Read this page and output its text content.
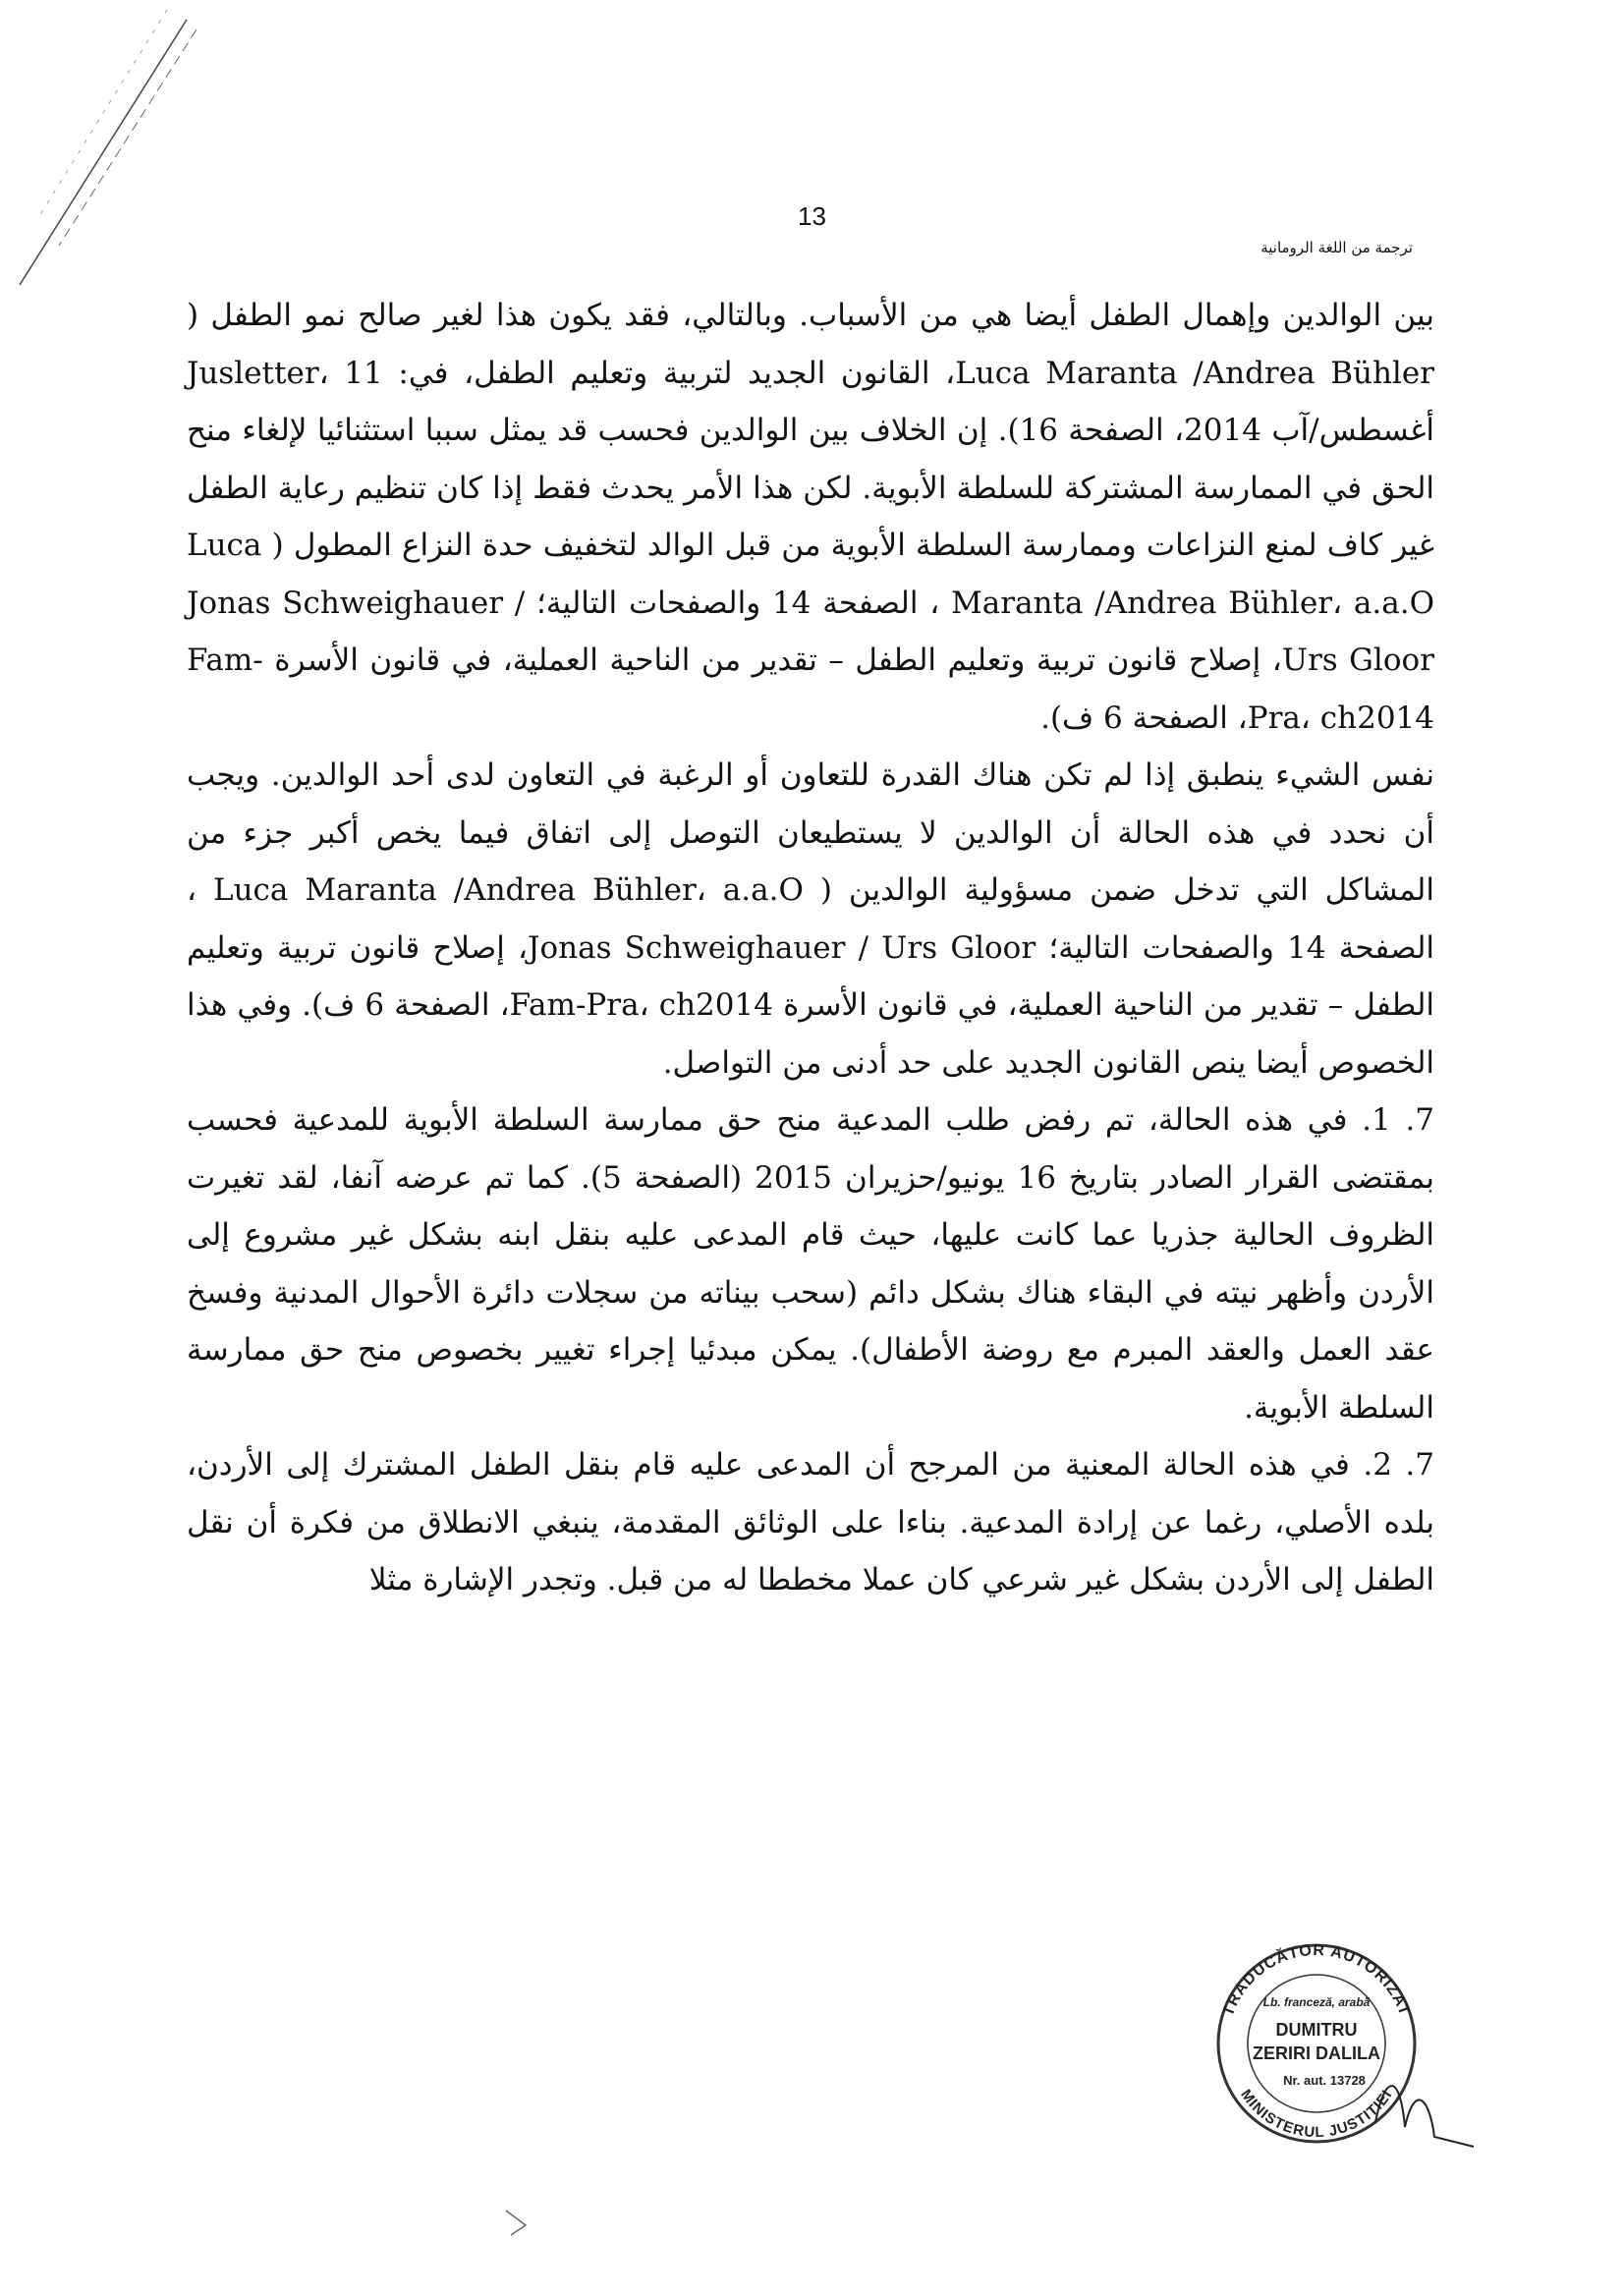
13
ترجمة من اللغة الرومانية

بين الوالدين وإهمال الطفل أيضا هي من الأسباب. وبالتالي، فقد يكون هذا لغير صالح نمو الطفل ( Luca Maranta /Andrea Bühler، القانون الجديد لتربية وتعليم الطفل، في: Jusletter، 11 أغسطس/آب 2014، الصفحة 16). إن الخلاف بين الوالدين فحسب قد يمثل سببا استثنائيا لإلغاء منح الحق في الممارسة المشتركة للسلطة الأبوية. لكن هذا الأمر يحدث فقط إذا كان تنظيم رعاية الطفل غير كاف لمنع النزاعات وممارسة السلطة الأبوية من قبل الوالد لتخفيف حدة النزاع المطول ( Luca Maranta /Andrea Bühler، a.a.O ، الصفحة 14 والصفحات التالية؛ Jonas Schweighauer / Urs Gloor، إصلاح قانون تربية وتعليم الطفل – تقدير من الناحية العملية، في قانون الأسرة Fam-Pra، ch2014، الصفحة 6 ف).

نفس الشيء ينطبق إذا لم تكن هناك القدرة للتعاون أو الرغبة في التعاون لدى أحد الوالدين. ويجب أن نحدد في هذه الحالة أن الوالدين لا يستطيعان التوصل إلى اتفاق فيما يخص أكبر جزء من المشاكل التي تدخل ضمن مسؤولية الوالدين ( Luca Maranta /Andrea Bühler، a.a.O ، الصفحة 14 والصفحات التالية؛ Jonas Schweighauer / Urs Gloor، إصلاح قانون تربية وتعليم الطفل – تقدير من الناحية العملية، في قانون الأسرة Fam-Pra، ch2014، الصفحة 6 ف). وفي هذا الخصوص أيضا ينص القانون الجديد على حد أدنى من التواصل.

7. 1. في هذه الحالة، تم رفض طلب المدعية منح حق ممارسة السلطة الأبوية للمدعية فحسب بمقتضى القرار الصادر بتاريخ 16 يونيو/حزيران 2015 (الصفحة 5). كما تم عرضه آنفا، لقد تغيرت الظروف الحالية جذريا عما كانت عليها، حيث قام المدعى عليه بنقل ابنه بشكل غير مشروع إلى الأردن وأظهر نيته في البقاء هناك بشكل دائم (سحب بيناته من سجلات دائرة الأحوال المدنية وفسخ عقد العمل والعقد المبرم مع روضة الأطفال). يمكن مبدئيا إجراء تغيير بخصوص منح حق ممارسة السلطة الأبوية.

7. 2. في هذه الحالة المعنية من المرجح أن المدعى عليه قام بنقل الطفل المشترك إلى الأردن، بلده الأصلي، رغما عن إرادة المدعية. بناءا على الوثائق المقدمة، ينبغي الانطلاق من فكرة أن نقل الطفل إلى الأردن بشكل غير شرعي كان عملا مخططا له من قبل. وتجدر الإشارة مثلا

TRADUCĂTOR AUTORIZAT
Lb. franceză, arabă
DUMITRU
ZERIRI DALILA
Nr. aut. 13728
MINISTERUL JUSTIȚIEI
